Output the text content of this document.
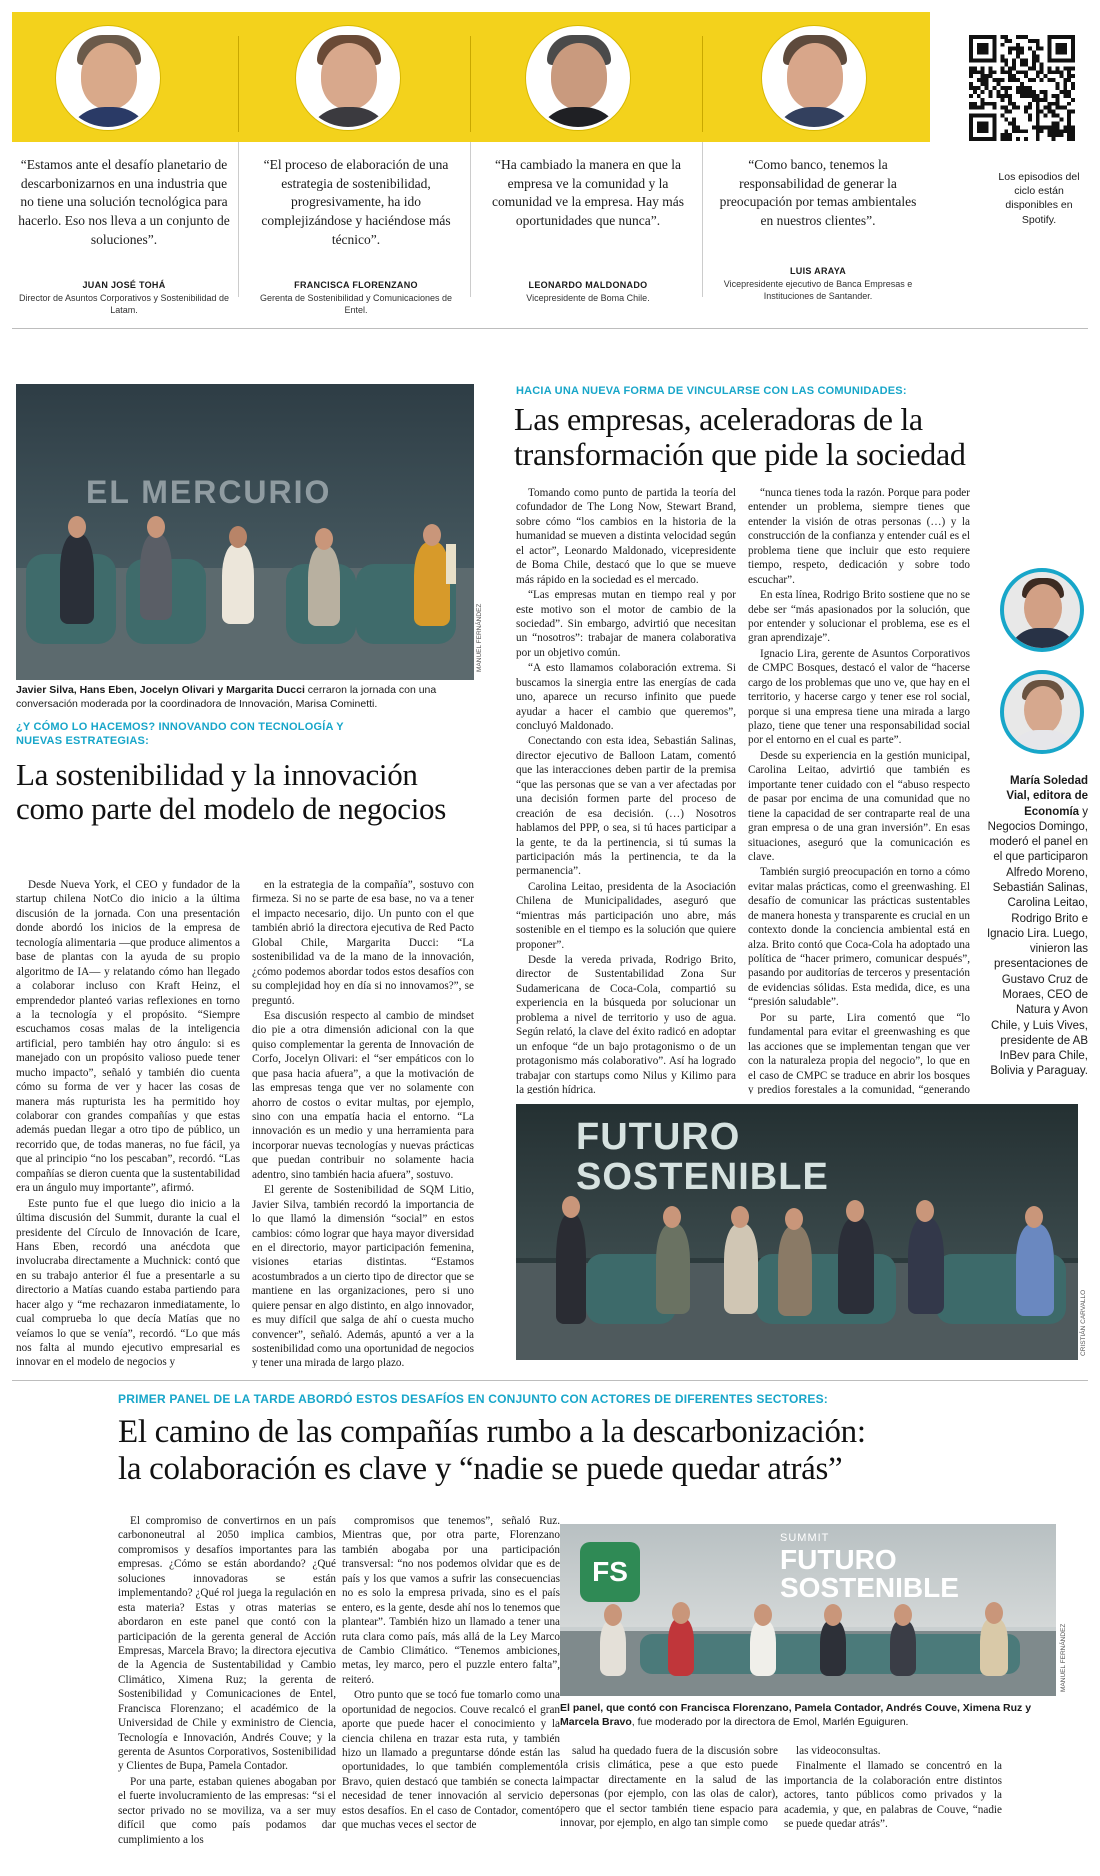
“Estamos ante el desafío planetario de descarbonizarnos en una industria que no tiene una solución tecnológica para hacerlo. Eso nos lleva a un conjunto de soluciones”.
JUAN JOSÉ TOHÁ
Director de Asuntos Corporativos y Sostenibilidad de Latam.
“El proceso de elaboración de una estrategia de sostenibilidad, progresivamente, ha ido complejizándose y haciéndose más técnico”.
FRANCISCA FLORENZANO
Gerenta de Sostenibilidad y Comunicaciones de Entel.
“Ha cambiado la manera en que la empresa ve la comunidad y la comunidad ve la empresa. Hay más oportunidades que nunca”.
LEONARDO MALDONADO
Vicepresidente de Boma Chile.
“Como banco, tenemos la responsabilidad de generar la preocupación por temas ambientales en nuestros clientes”.
LUIS ARAYA
Vicepresidente ejecutivo de Banca Empresas e Instituciones de Santander.
Los episodios del ciclo están disponibles en Spotify.
EL MERCURIO
MANUEL FERNÁNDEZ
Javier Silva, Hans Eben, Jocelyn Olivari y Margarita Ducci cerraron la jornada con una conversación moderada por la coordinadora de Innovación, Marisa Cominetti.
¿Y CÓMO LO HACEMOS? INNOVANDO CON TECNOLOGÍA Y NUEVAS ESTRATEGIAS:
La sostenibilidad y la innovación como parte del modelo de negocios

Desde Nueva York, el CEO y fundador de la startup chilena NotCo dio inicio a la última discusión de la jornada. Con una presentación donde abordó los inicios de la empresa de tecnología alimentaria —que produce alimentos a base de plantas con la ayuda de su propio algoritmo de IA— y relatando cómo han llegado a colaborar incluso con Kraft Heinz, el emprendedor planteó varias reflexiones en torno a la tecnología y el propósito. “Siempre escuchamos cosas malas de la inteligencia artificial, pero también hay otro ángulo: si es manejado con un propósito valioso puede tener mucho impacto”, señaló y también dio cuenta cómo su forma de ver y hacer las cosas de manera más rupturista les ha permitido hoy colaborar con grandes compañías y que estas además puedan llegar a otro tipo de público, un recorrido que, de todas maneras, no fue fácil, ya que al principio “no los pescaban”, recordó. “Las compañías se dieron cuenta que la sustentabilidad era un ángulo muy importante”, afirmó.

Este punto fue el que luego dio inicio a la última discusión del Summit, durante la cual el presidente del Círculo de Innovación de Icare, Hans Eben, recordó una anécdota que involucraba directamente a Muchnick: contó que en su trabajo anterior él fue a presentarle a su directorio a Matías cuando estaba partiendo para hacer algo y “me rechazaron inmediatamente, lo cual comprueba lo que decía Matías que no veíamos lo que se venía”, recordó. “Lo que más nos falta al mundo ejecutivo empresarial es innovar en el modelo de negocios y

en la estrategia de la compañía”, sostuvo con firmeza. Si no se parte de esa base, no va a tener el impacto necesario, dijo. Un punto con el que también abrió la directora ejecutiva de Red Pacto Global Chile, Margarita Ducci: “La sostenibilidad va de la mano de la innovación, ¿cómo podemos abordar todos estos desafíos con su complejidad hoy en día si no innovamos?”, se preguntó.

Esa discusión respecto al cambio de mindset dio pie a otra dimensión adicional con la que quiso complementar la gerenta de Innovación de Corfo, Jocelyn Olivari: el “ser empáticos con lo que pasa hacia afuera”, a que la motivación de las empresas tenga que ver no solamente con ahorro de costos o evitar multas, por ejemplo, sino con una empatía hacia el entorno. “La innovación es un medio y una herramienta para incorporar nuevas tecnologías y nuevas prácticas que puedan contribuir no solamente hacia adentro, sino también hacia afuera”, sostuvo.

El gerente de Sostenibilidad de SQM Litio, Javier Silva, también recordó la importancia de lo que llamó la dimensión “social” en estos cambios: cómo lograr que haya mayor diversidad en el directorio, mayor participación femenina, visiones etarias distintas. “Estamos acostumbrados a un cierto tipo de director que se mantiene en las organizaciones, pero si uno quiere pensar en algo distinto, en algo innovador, es muy difícil que salga de ahí o cuesta mucho convencer”, señaló. Además, apuntó a ver a la sostenibilidad como una oportunidad de negocios y tener una mirada de largo plazo.

HACIA UNA NUEVA FORMA DE VINCULARSE CON LAS COMUNIDADES:
Las empresas, aceleradoras de la transformación que pide la sociedad

Tomando como punto de partida la teoría del cofundador de The Long Now, Stewart Brand, sobre cómo “los cambios en la historia de la humanidad se mueven a distinta velocidad según el actor”, Leonardo Maldonado, vicepresidente de Boma Chile, destacó que lo que se mueve más rápido en la sociedad es el mercado.

“Las empresas mutan en tiempo real y por este motivo son el motor de cambio de la sociedad”. Sin embargo, advirtió que necesitan un “nosotros”: trabajar de manera colaborativa por un objetivo común.

“A esto llamamos colaboración extrema. Si buscamos la sinergia entre las energías de cada uno, aparece un recurso infinito que puede ayudar a hacer el cambio que queremos”, concluyó Maldonado.

Conectando con esta idea, Sebastián Salinas, director ejecutivo de Balloon Latam, comentó que las interacciones deben partir de la premisa “que las personas que se van a ver afectadas por una decisión formen parte del proceso de creación de esa decisión. (…) Nosotros hablamos del PPP, o sea, si tú haces participar a la gente, te da la pertinencia, si tú sumas la participación más la pertinencia, te da la permanencia”.

Carolina Leitao, presidenta de la Asociación Chilena de Municipalidades, aseguró que “mientras más participación uno abre, más sostenible en el tiempo es la solución que quiere proponer”.

Desde la vereda privada, Rodrigo Brito, director de Sustentabilidad Zona Sur Sudamericana de Coca-Cola, compartió su experiencia en la búsqueda por solucionar un problema a nivel de territorio y uso de agua. Según relató, la clave del éxito radicó en adoptar un enfoque “de un bajo protagonismo o de un protagonismo más colaborativo”. Así ha logrado trabajar con startups como Nilus y Kilimo para la gestión hídrica.

“nunca tienes toda la razón. Porque para poder entender un problema, siempre tienes que entender la visión de otras personas (…) y la construcción de la confianza y entender cuál es el problema tiene que incluir que esto requiere tiempo, respeto, dedicación y sobre todo escuchar”.

En esta línea, Rodrigo Brito sostiene que no se debe ser “más apasionados por la solución, que por entender y solucionar el problema, ese es el gran aprendizaje”.

Ignacio Lira, gerente de Asuntos Corporativos de CMPC Bosques, destacó el valor de “hacerse cargo de los problemas que uno ve, que hay en el territorio, y hacerse cargo y tener ese rol social, porque si una empresa tiene una mirada a largo plazo, tiene que tener una responsabilidad social por el entorno en el cual es parte”.

Desde su experiencia en la gestión municipal, Carolina Leitao, advirtió que también es importante tener cuidado con el “abuso respecto de pasar por encima de una comunidad que no tiene la capacidad de ser contraparte real de una gran empresa o de una gran inversión”. En esas situaciones, aseguró que la comunicación es clave.

También surgió preocupación en torno a cómo evitar malas prácticas, como el greenwashing. El desafío de comunicar las prácticas sustentables de manera honesta y transparente es crucial en un contexto donde la conciencia ambiental está en alza. Brito contó que Coca-Cola ha adoptado una política de “hacer primero, comunicar después”, pasando por auditorías de terceros y presentación de evidencias sólidas. Esta medida, dice, es una “presión saludable”.

Por su parte, Lira comentó que “lo fundamental para evitar el greenwashing es que las acciones que se implementan tengan que ver con la naturaleza propia del negocio”, lo que en el caso de CMPC se traduce en abrir los bosques y predios forestales a la comunidad, “generando

María Soledad Vial, editora de Economía y Negocios Domingo, moderó el panel en el que participaron Alfredo Moreno, Sebastián Salinas, Carolina Leitao, Rodrigo Brito e Ignacio Lira. Luego, vinieron las presentaciones de Gustavo Cruz de Moraes, CEO de Natura y Avon Chile, y Luis Vives, presidente de AB InBev para Chile, Bolivia y Paraguay.
FUTURO SOSTENIBLE
CRISTIÁN CARVALLO
PRIMER PANEL DE LA TARDE ABORDÓ ESTOS DESAFÍOS EN CONJUNTO CON ACTORES DE DIFERENTES SECTORES:
El camino de las compañías rumbo a la descarbonización:
la colaboración es clave y “nadie se puede quedar atrás”

El compromiso de convertirnos en un país carbononeutral al 2050 implica cambios, compromisos y desafíos importantes para las empresas. ¿Cómo se están abordando? ¿Qué soluciones innovadoras se están implementando? ¿Qué rol juega la regulación en esta materia? Estas y otras materias se abordaron en este panel que contó con la participación de la gerenta general de Acción Empresas, Marcela Bravo; la directora ejecutiva de la Agencia de Sustentabilidad y Cambio Climático, Ximena Ruz; la gerenta de Sostenibilidad y Comunicaciones de Entel, Francisca Florenzano; el académico de la Universidad de Chile y exministro de Ciencia, Tecnología e Innovación, Andrés Couve; y la gerenta de Asuntos Corporativos, Sostenibilidad y Clientes de Bupa, Pamela Contador.

Por una parte, estaban quienes abogaban por el fuerte involucramiento de las empresas: “si el sector privado no se moviliza, va a ser muy difícil que como país podamos dar cumplimiento a los

compromisos que tenemos”, señaló Ruz. Mientras que, por otra parte, Florenzano también abogaba por una participación transversal: “no nos podemos olvidar que es de país y los que vamos a sufrir las consecuencias no es solo la empresa privada, sino es el país entero, es la gente, desde ahí nos lo tenemos que plantear”. También hizo un llamado a tener una ruta clara como país, más allá de la Ley Marco de Cambio Climático. “Tenemos ambiciones, metas, ley marco, pero el puzzle entero falta”, reiteró.

Otro punto que se tocó fue tomarlo como una oportunidad de negocios. Couve recalcó el gran aporte que puede hacer el conocimiento y la ciencia chilena en trazar esta ruta, y también hizo un llamado a preguntarse dónde están las oportunidades, lo que también complementó Bravo, quien destacó que también se conecta la necesidad de tener innovación al servicio de estos desafíos. En el caso de Contador, comentó que muchas veces el sector de

FS
SUMMIT
FUTURO SOSTENIBLE
MANUEL FERNÁNDEZ
El panel, que contó con Francisca Florenzano, Pamela Contador, Andrés Couve, Ximena Ruz y Marcela Bravo, fue moderado por la directora de Emol, Marlén Eguiguren.

salud ha quedado fuera de la discusión sobre la crisis climática, pese a que esto puede impactar directamente en la salud de las personas (por ejemplo, con las olas de calor), pero que el sector también tiene espacio para innovar, por ejemplo, en algo tan simple como

las videoconsultas.

Finalmente el llamado se concentró en la importancia de la colaboración entre distintos actores, tanto públicos como privados y la academia, y que, en palabras de Couve, “nadie se puede quedar atrás”.
